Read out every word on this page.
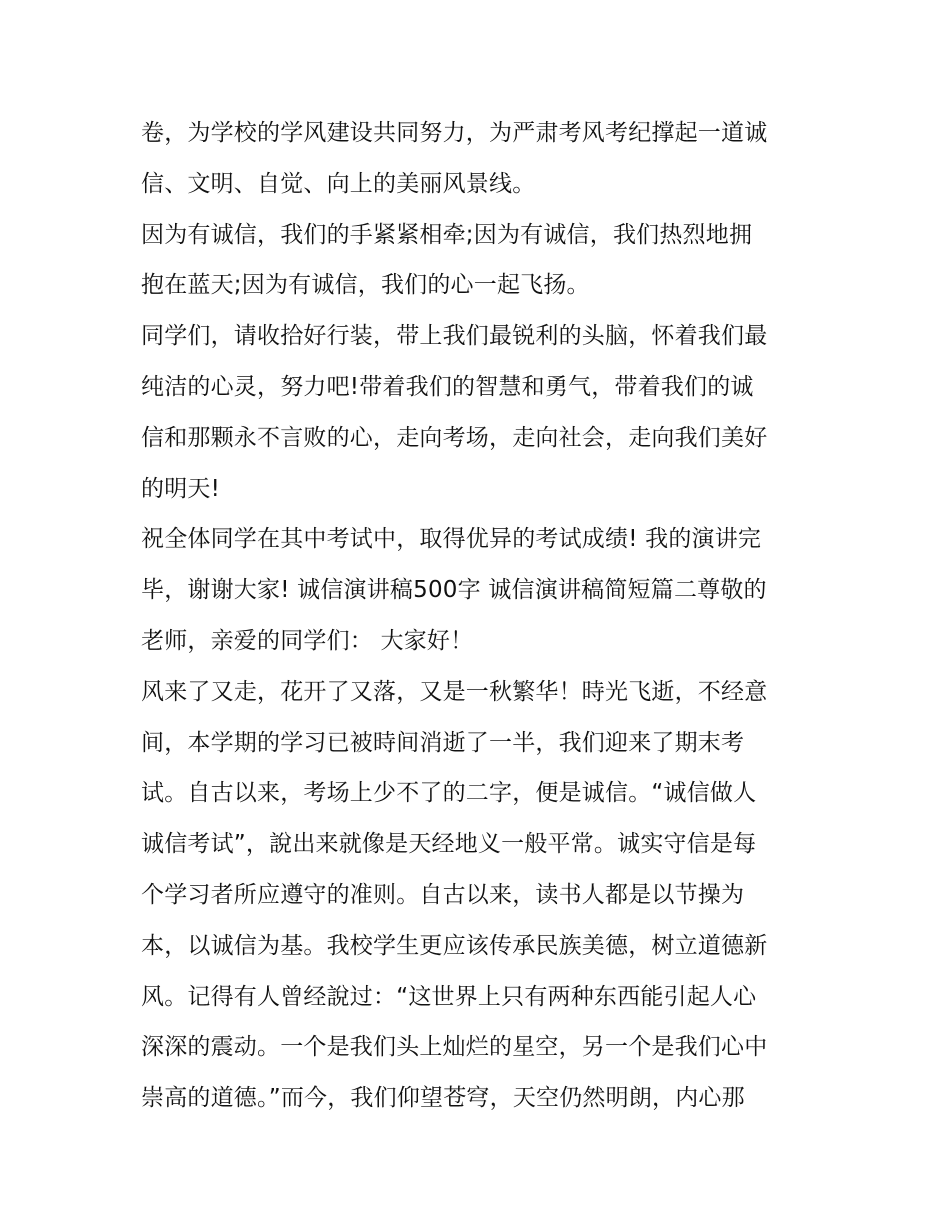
卷，为学校的学风建设共同努力，为严肃考风考纪撑起一道诚
信、文明、自觉、向上的美丽风景线。
因为有诚信，我们的手紧紧相牵;因为有诚信，我们热烈地拥
抱在蓝天;因为有诚信，我们的心一起飞扬。
同学们，请收拾好行装，带上我们最锐利的头脑，怀着我们最
纯洁的心灵，努力吧!带着我们的智慧和勇气，带着我们的诚
信和那颗永不言败的心，走向考场，走向社会，走向我们美好
的明天!
祝全体同学在其中考试中，取得优异的考试成绩! 我的演讲完
毕，谢谢大家! 诚信演讲稿500字 诚信演讲稿简短篇二尊敬的
老师，亲爱的同学们： 大家好！
风来了又走，花开了又落，又是一秋繁华！時光飞逝，不经意
间，本学期的学习已被時间消逝了一半，我们迎来了期末考
试。自古以来，考场上少不了的二字，便是诚信。“诚信做人
诚信考试”，說出来就像是天经地义一般平常。诚实守信是每
个学习者所应遵守的准则。自古以来，读书人都是以节操为
本，以诚信为基。我校学生更应该传承民族美德，树立道德新
风。记得有人曾经說过：“这世界上只有两种东西能引起人心
深深的震动。一个是我们头上灿烂的星空，另一个是我们心中
崇高的道德。”而今，我们仰望苍穹，天空仍然明朗，内心那
